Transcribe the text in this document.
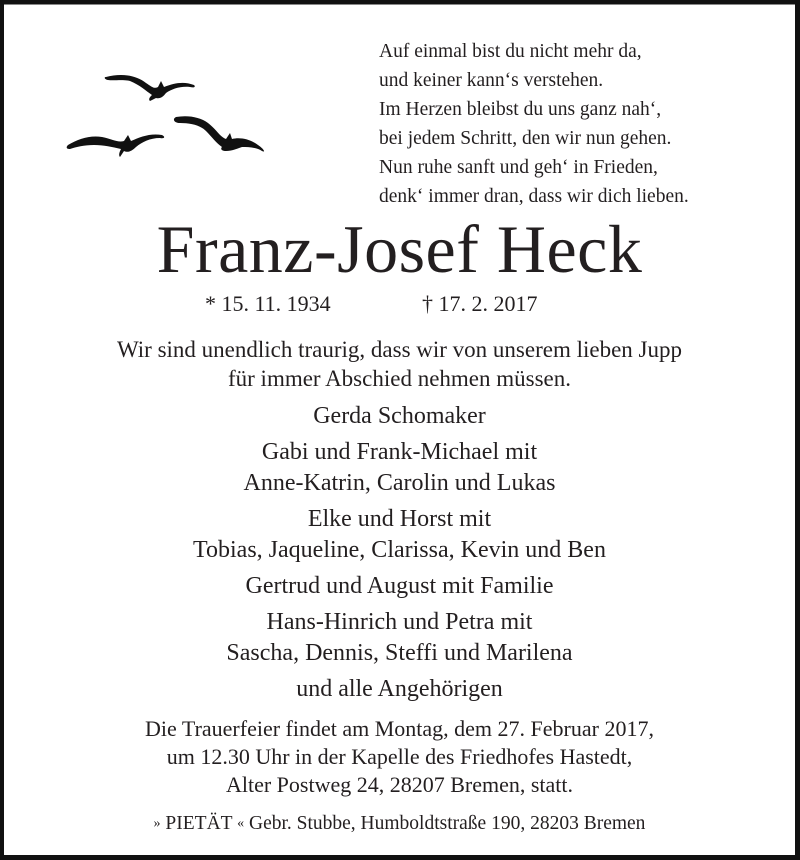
Auf einmal bist du nicht mehr da,
und keiner kann‘s verstehen.
Im Herzen bleibst du uns ganz nah‘,
bei jedem Schritt, den wir nun gehen.
Nun ruhe sanft und geh‘ in Frieden,
denk‘ immer dran, dass wir dich lieben.
Franz-Josef Heck
* 15. 11. 1934	† 17. 2. 2017
Wir sind unendlich traurig, dass wir von unserem lieben Jupp
für immer Abschied nehmen müssen.
Gerda Schomaker
Gabi und Frank-Michael mit
Anne-Katrin, Carolin und Lukas
Elke und Horst mit
Tobias, Jaqueline, Clarissa, Kevin und Ben
Gertrud und August mit Familie
Hans-Hinrich und Petra mit
Sascha, Dennis, Steffi und Marilena
und alle Angehörigen
Die Trauerfeier findet am Montag, dem 27. Februar 2017,
um 12.30 Uhr in der Kapelle des Friedhofes Hastedt,
Alter Postweg 24, 28207 Bremen, statt.
» PIETÄT « Gebr. Stubbe, Humboldtstraße 190, 28203 Bremen
